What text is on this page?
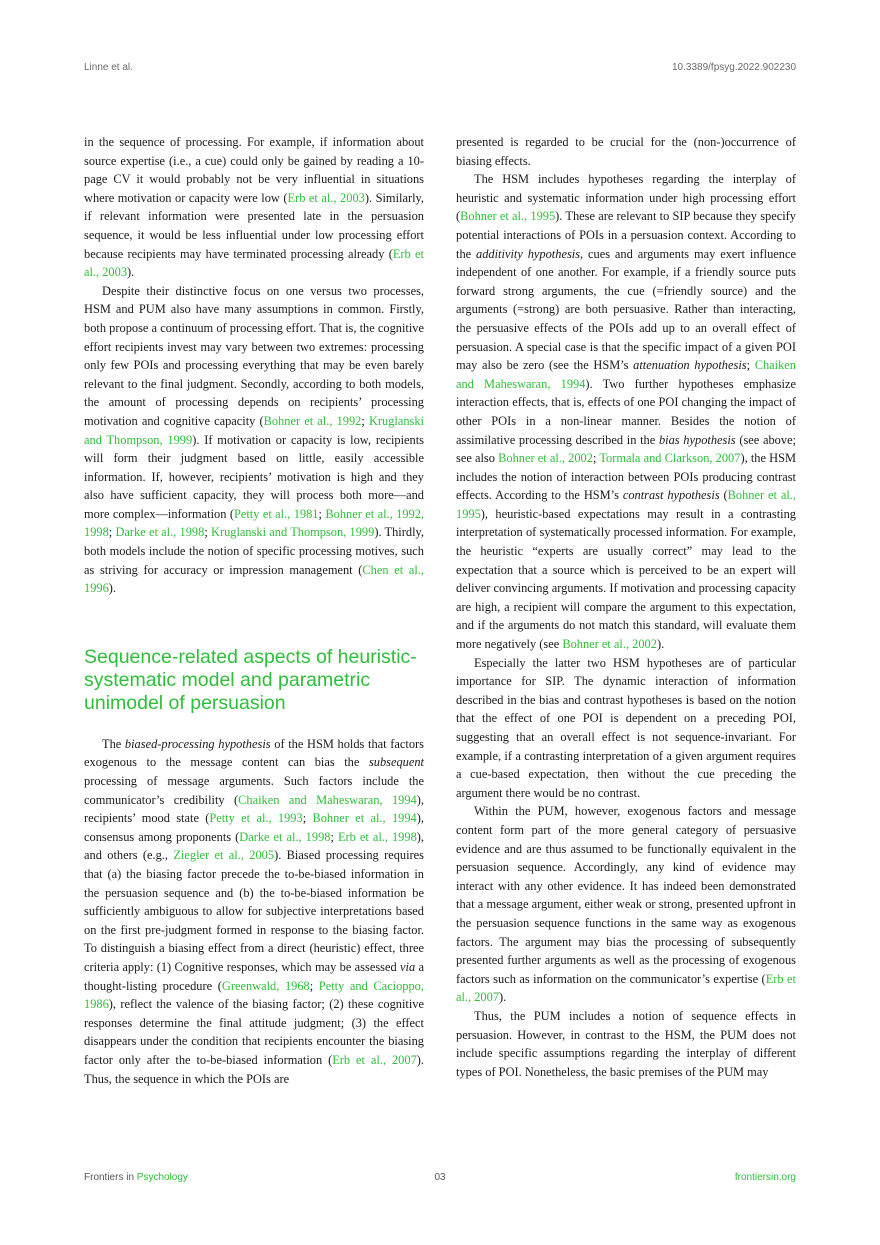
Linne et al.	10.3389/fpsyg.2022.902230

in the sequence of processing. For example, if information about source expertise (i.e., a cue) could only be gained by reading a 10-page CV it would probably not be very influential in situations where motivation or capacity were low (Erb et al., 2003). Similarly, if relevant information were presented late in the persuasion sequence, it would be less influential under low processing effort because recipients may have terminated processing already (Erb et al., 2003).

Despite their distinctive focus on one versus two processes, HSM and PUM also have many assumptions in common. Firstly, both propose a continuum of processing effort. That is, the cognitive effort recipients invest may vary between two extremes: processing only few POIs and processing everything that may be even barely relevant to the final judgment. Secondly, according to both models, the amount of processing depends on recipients’ processing motivation and cognitive capacity (Bohner et al., 1992; Kruglanski and Thompson, 1999). If motivation or capacity is low, recipients will form their judgment based on little, easily accessible information. If, however, recipients’ motivation is high and they also have sufficient capacity, they will process both more—and more complex—information (Petty et al., 1981; Bohner et al., 1992, 1998; Darke et al., 1998; Kruglanski and Thompson, 1999). Thirdly, both models include the notion of specific processing motives, such as striving for accuracy or impression management (Chen et al., 1996).

Sequence-related aspects of heuristic-systematic model and parametric unimodel of persuasion

The biased-processing hypothesis of the HSM holds that factors exogenous to the message content can bias the subsequent processing of message arguments. Such factors include the communicator’s credibility (Chaiken and Maheswaran, 1994), recipients’ mood state (Petty et al., 1993; Bohner et al., 1994), consensus among proponents (Darke et al., 1998; Erb et al., 1998), and others (e.g., Ziegler et al., 2005). Biased processing requires that (a) the biasing factor precede the to-be-biased information in the persuasion sequence and (b) the to-be-biased information be sufficiently ambiguous to allow for subjective interpretations based on the first pre-judgment formed in response to the biasing factor. To distinguish a biasing effect from a direct (heuristic) effect, three criteria apply: (1) Cognitive responses, which may be assessed via a thought-listing procedure (Greenwald, 1968; Petty and Cacioppo, 1986), reflect the valence of the biasing factor; (2) these cognitive responses determine the final attitude judgment; (3) the effect disappears under the condition that recipients encounter the biasing factor only after the to-be-biased information (Erb et al., 2007). Thus, the sequence in which the POIs are

presented is regarded to be crucial for the (non-)occurrence of biasing effects.

The HSM includes hypotheses regarding the interplay of heuristic and systematic information under high processing effort (Bohner et al., 1995). These are relevant to SIP because they specify potential interactions of POIs in a persuasion context. According to the additivity hypothesis, cues and arguments may exert influence independent of one another. For example, if a friendly source puts forward strong arguments, the cue (=friendly source) and the arguments (=strong) are both persuasive. Rather than interacting, the persuasive effects of the POIs add up to an overall effect of persuasion. A special case is that the specific impact of a given POI may also be zero (see the HSM’s attenuation hypothesis; Chaiken and Maheswaran, 1994). Two further hypotheses emphasize interaction effects, that is, effects of one POI changing the impact of other POIs in a non-linear manner. Besides the notion of assimilative processing described in the bias hypothesis (see above; see also Bohner et al., 2002; Tormala and Clarkson, 2007), the HSM includes the notion of interaction between POIs producing contrast effects. According to the HSM’s contrast hypothesis (Bohner et al., 1995), heuristic-based expectations may result in a contrasting interpretation of systematically processed information. For example, the heuristic “experts are usually correct” may lead to the expectation that a source which is perceived to be an expert will deliver convincing arguments. If motivation and processing capacity are high, a recipient will compare the argument to this expectation, and if the arguments do not match this standard, will evaluate them more negatively (see Bohner et al., 2002).

Especially the latter two HSM hypotheses are of particular importance for SIP. The dynamic interaction of information described in the bias and contrast hypotheses is based on the notion that the effect of one POI is dependent on a preceding POI, suggesting that an overall effect is not sequence-invariant. For example, if a contrasting interpretation of a given argument requires a cue-based expectation, then without the cue preceding the argument there would be no contrast.

Within the PUM, however, exogenous factors and message content form part of the more general category of persuasive evidence and are thus assumed to be functionally equivalent in the persuasion sequence. Accordingly, any kind of evidence may interact with any other evidence. It has indeed been demonstrated that a message argument, either weak or strong, presented upfront in the persuasion sequence functions in the same way as exogenous factors. The argument may bias the processing of subsequently presented further arguments as well as the processing of exogenous factors such as information on the communicator’s expertise (Erb et al., 2007).

Thus, the PUM includes a notion of sequence effects in persuasion. However, in contrast to the HSM, the PUM does not include specific assumptions regarding the interplay of different types of POI. Nonetheless, the basic premises of the PUM may

Frontiers in Psychology	03	frontiersin.org
